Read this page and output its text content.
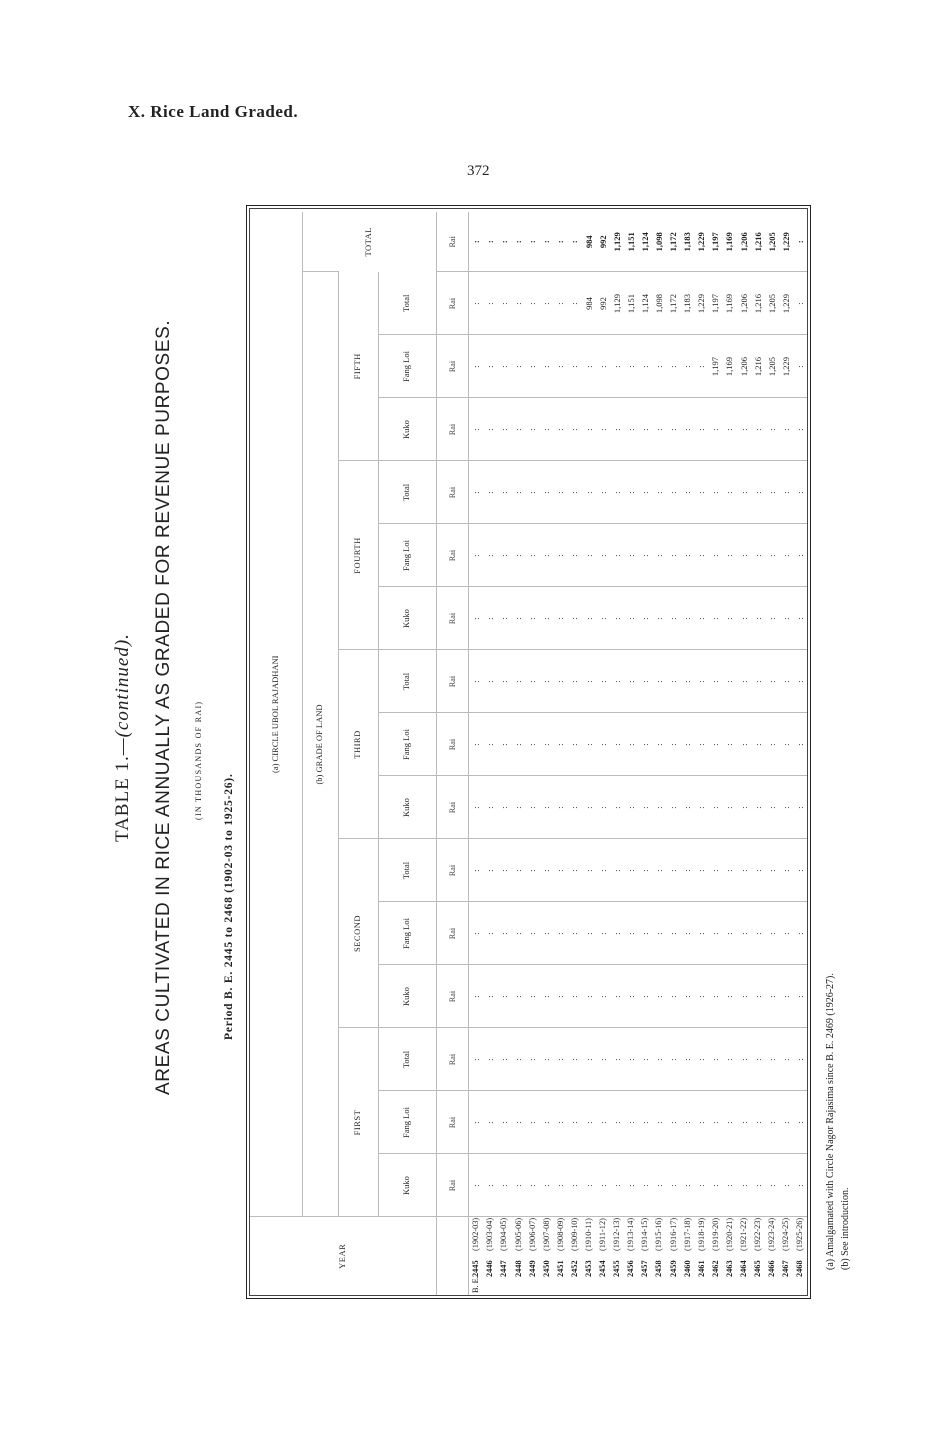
X. Rice Land Graded.
372
TABLE 1.—(continued). AREAS CULTIVATED IN RICE ANNUALLY AS GRADED FOR REVENUE PURPOSES.	(IN THOUSANDS OF RAI)
Period B. E. 2445 to 2468 (1902-03 to 1925-26).
YEAR	(a) CIRCLE UBOL RAJADHANI															
	(b) GRADE OF LAND															TOTAL
	FIRST			SECOND			THIRD			FOURTH			FIFTH			
	Kuko	Fang Loi	Total	Kuko	Fang Loi	Total	Kuko	Fang Loi	Total	Kuko	Fang Loi	Total	Kuko	Fang Loi	Total	
	Rai	Rai	Rai	Rai	Rai	Rai	Rai	Rai	Rai	Rai	Rai	Rai	Rai	Rai	Rai	Rai
B. E.2445(1902-03)	:	:	:	:	:	:	:	:	:	:	:	:	:	:	:	:
2446(1903-04)	:	:	:	:	:	:	:	:	:	:	:	:	:	:	:	:
2447(1904-05)	:	:	:	:	:	:	:	:	:	:	:	:	:	:	:	:
2448(1905-06)	:	:	:	:	:	:	:	:	:	:	:	:	:	:	:	:
2449(1906-07)	:	:	:	:	:	:	:	:	:	:	:	:	:	:	:	:
2450(1907-08)	:	:	:	:	:	:	:	:	:	:	:	:	:	:	:	:
2451(1908-09)	:	:	:	:	:	:	:	:	:	:	:	:	:	:	:	:
2452(1909-10)	:	:	:	:	:	:	:	:	:	:	:	:	:	:	:	:
2453(1910-11)	:	:	:	:	:	:	:	:	:	:	:	:	:	:	984	984
2454(1911-12)	:	:	:	:	:	:	:	:	:	:	:	:	:	:	992	992
2455(1912-13)	:	:	:	:	:	:	:	:	:	:	:	:	:	:	1,129	1,129
2456(1913-14)	:	:	:	:	:	:	:	:	:	:	:	:	:	:	1,151	1,151
2457(1914-15)	:	:	:	:	:	:	:	:	:	:	:	:	:	:	1,124	1,124
2458(1915-16)	:	:	:	:	:	:	:	:	:	:	:	:	:	:	1,098	1,098
2459(1916-17)	:	:	:	:	:	:	:	:	:	:	:	:	:	:	1,172	1,172
2460(1917-18)	:	:	:	:	:	:	:	:	:	:	:	:	:	:	1,183	1,183
2461(1918-19)	:	:	:	:	:	:	:	:	:	:	:	:	:	:	1,229	1,229
2462(1919-20)	:	:	:	:	:	:	:	:	:	:	:	:	:	1,197	1,197	1,197
2463(1920-21)	:	:	:	:	:	:	:	:	:	:	:	:	:	1,169	1,169	1,169
2464(1921-22)	:	:	:	:	:	:	:	:	:	:	:	:	:	1,206	1,206	1,206
2465(1922-23)	:	:	:	:	:	:	:	:	:	:	:	:	:	1,216	1,216	1,216
2466(1923-24)	:	:	:	:	:	:	:	:	:	:	:	:	:	1,205	1,205	1,205
2467(1924-25)	:	:	:	:	:	:	:	:	:	:	:	:	:	1,229	1,229	1,229
2468(1925-26)	:	:	:	:	:	:	:	:	:	:	:	:	:	:	:	:
(a) Amalgamated with Circle Nagor Rajasima since B. E. 2469 (1926-27). (b) See introduction.
